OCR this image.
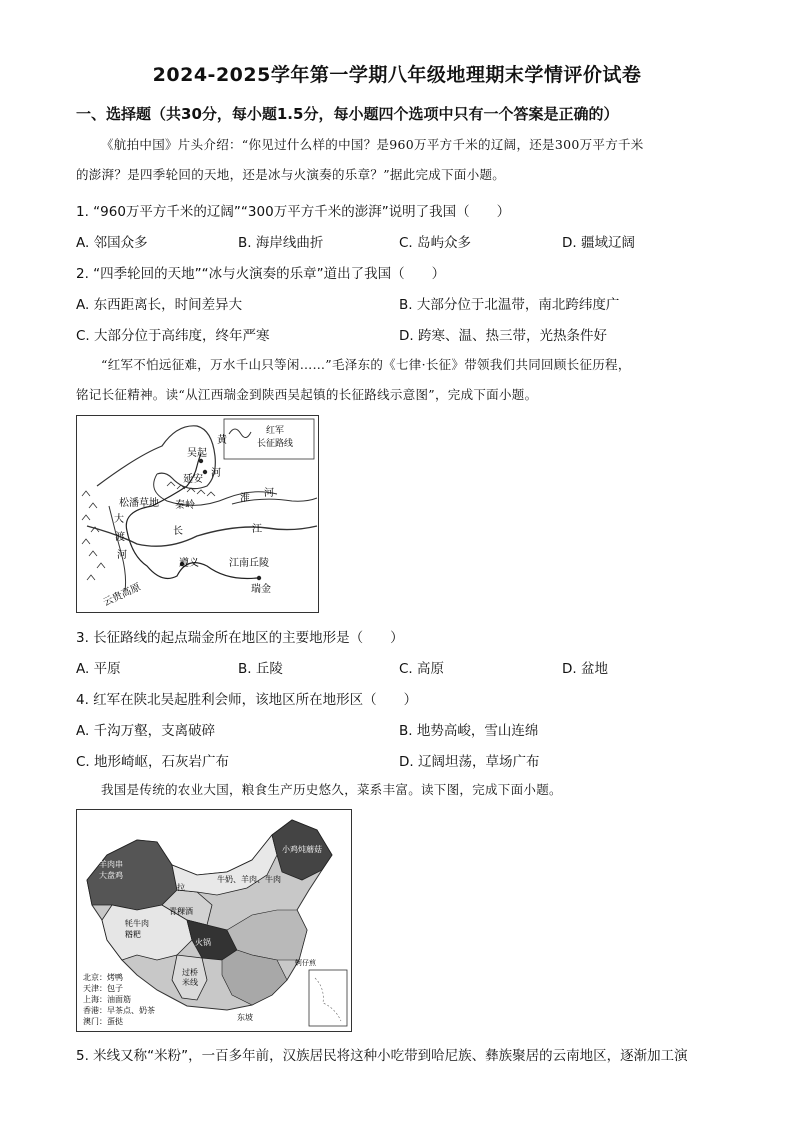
2024-2025学年第一学期八年级地理期末学情评价试卷
一、选择题（共30分，每小题1.5分，每小题四个选项中只有一个答案是正确的）
《航拍中国》片头介绍：“你见过什么样的中国？是960万平方千米的辽阔，还是300万平方千米
的澎湃？是四季轮回的天地，还是冰与火演奏的乐章？”据此完成下面小题。
1. “960万平方千米的辽阔”“300万平方千米的澎湃”说明了我国（　　）
A. 邻国众多	B. 海岸线曲折	C. 岛屿众多	D. 疆域辽阔
2. “四季轮回的天地”“冰与火演奏的乐章”道出了我国（　　）
A. 东西距离长，时间差异大	B. 大部分位于北温带，南北跨纬度广
C. 大部分位于高纬度，终年严寒	D. 跨寒、温、热三带，光热条件好
“红军不怕远征难，万水千山只等闲……”毛泽东的《七律·长征》带领我们共同回顾长征历程，
铭记长征精神。读“从江西瑞金到陕西吴起镇的长征路线示意图”，完成下面小题。
红军
长征路线
黄
河
吴起
延安
淮 河
松潘草地 秦岭
大
渡
河
长	江
遵义	江南丘陵
瑞金
云贵高原
3. 长征路线的起点瑞金所在地区的主要地形是（　　）
A. 平原	B. 丘陵	C. 高原	D. 盆地
4. 红军在陕北吴起胜利会师，该地区所在地形区（　　）
A. 千沟万壑，支离破碎	B. 地势高峻，雪山连绵
C. 地形崎岖，石灰岩广布	D. 辽阔坦荡，草场广布
我国是传统的农业大国，粮食生产历史悠久，菜系丰富。读下图，完成下面小题。
羊肉串
大盘鸡
牦牛肉
糌粑
青稞酒
拉
牛奶、羊肉、牛肉
小鸡炖蘑菇
火锅
过桥
米线
东坡
蚵仔煎
北京：烤鸭
天津：包子
上海：油面筋
香港：早茶点、奶茶
澳门：蛋挞
5. 米线又称“米粉”，一百多年前，汉族居民将这种小吃带到哈尼族、彝族聚居的云南地区，逐渐加工演
